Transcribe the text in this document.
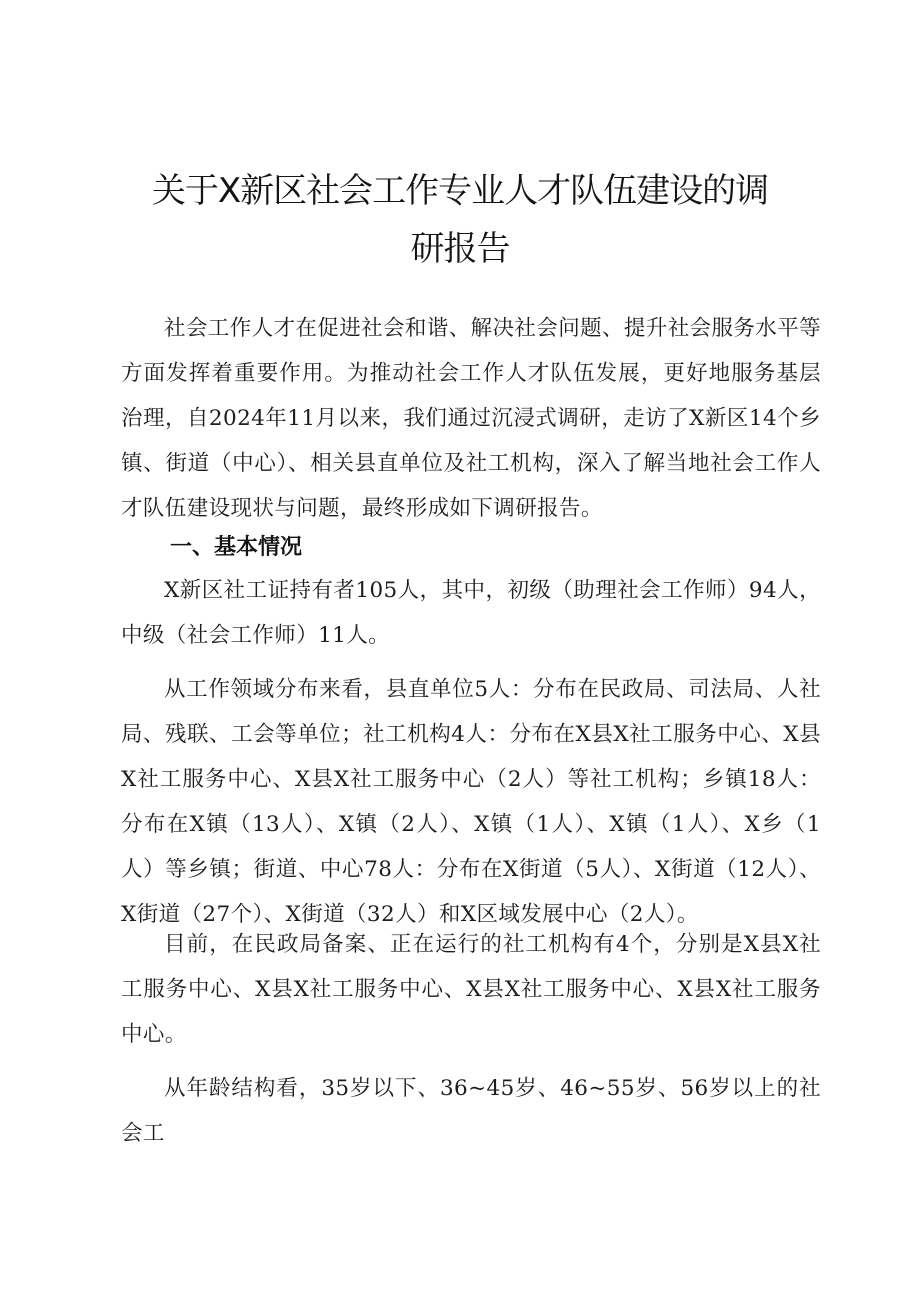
关于X新区社会工作专业人才队伍建设的调
研报告

社会工作人才在促进社会和谐、解决社会问题、提升社会服务水平等方面发挥着重要作用。为推动社会工作人才队伍发展，更好地服务基层治理，自2024年11月以来，我们通过沉浸式调研，走访了X新区14个乡镇、街道（中心）、相关县直单位及社工机构，深入了解当地社会工作人才队伍建设现状与问题，最终形成如下调研报告。

一、基本情况

X新区社工证持有者105人，其中，初级（助理社会工作师）94人，中级（社会工作师）11人。

从工作领域分布来看，县直单位5人：分布在民政局、司法局、人社局、残联、工会等单位；社工机构4人：分布在X县X社工服务中心、X县X社工服务中心、X县X社工服务中心（2人）等社工机构；乡镇18人：分布在X镇（13人）、X镇（2人）、X镇（1人）、X镇（1人）、X乡（1人）等乡镇；街道、中心78人：分布在X街道（5人）、X街道（12人）、X街道（27个）、X街道（32人）和X区域发展中心（2人）。

目前，在民政局备案、正在运行的社工机构有4个，分别是X县X社工服务中心、X县X社工服务中心、X县X社工服务中心、X县X社工服务中心。

从年龄结构看，35岁以下、36~45岁、46~55岁、56岁以上的社会工
